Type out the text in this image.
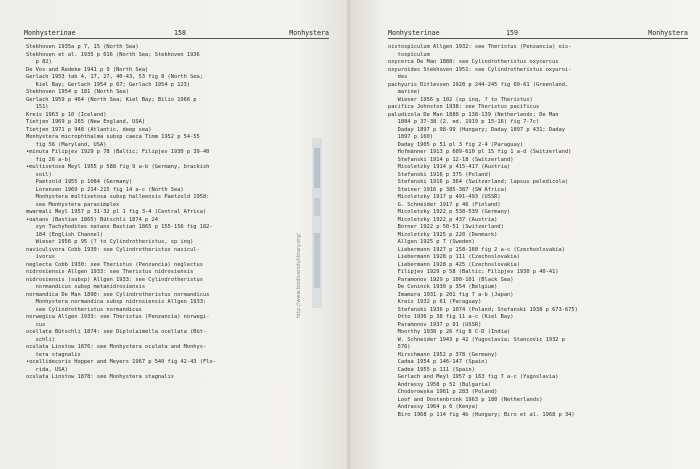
Monhysterinae	158	Monhystera
Stekhoven 1935a p 7, 15 (North Sea)
Stekhoven et al. 1935 p 616 (North Sea; Stekhoven 1936
p 82)
De Vos and Redeke 1941 p 9 (North Sea)
Gerlach 1953 tab 4, 17, 27, 40-43, 53 fig 8 (North Sea;
Kiel Bay; Gerlach 1954 p 67; Gerlach 1954 p 123)
Stekhoven 1954 p 181 (North Sea)
Gerlach 1959 p 464 (North Sea; Kiel Bay; Bilio 1966 p
151)
Kreis 1963 p 10 (Iceland)
Tietjen 1969 p 265 (New England, USA)
Tietjen 1971 p 948 (Atlantic, deep sea)
Monhystera microphthalma subsp caeca Timm 1952 p 54-55
fig 56 (Maryland, USA)
•minuta Filipjev 1929 p 78 (Baltic; Filipjev 1930 p 39-40
fig 26 a-b)
•multisetosa Meyl 1955 p 588 fig 9 a-b (Germany, brackish
soil)
Paetzold 1955 p 1084 (Germany)
Lorenzen 1969 p 214-215 fig 14 a-c (North Sea)
Monhystera multisetosa subsp halleensis Paetzold 1958:
see Monhystera parasimplex
mwarmali Meyl 1957 p 31-32 pl 1 fig 3-4 (Central Africa)
•natans (Bastian 1865) Bütschli 1874 p 24
syn Tachyhodites natans Bastian 1865 p 155-156 fig 182-
184 (English Channel)
Wieser 1956 p 95 (? to Cylindrotheristus, sp inq)
naviculivora Cobb 1930: see Cylindrotheristus navicul-
ivorus
neglecta Cobb 1930: see Theristus (Penzancia) neglectus
nidrosiensis Allgen 1933: see Theristus nidrosiensis
nidrosiensis (subsp) Allgen 1933: see Cylindrotheristus
normandicus subsp metanidrosiensis
normandica De Man 1890: see Cylindrotheristus normandicus
Monhystera normandica subsp nidrosiensis Allgen 1933:
see Cylindrotheristus normandicus
norwegica Allgen 1933: see Theristus (Penzancia) norwegi-
cus
ocellata Bütschli 1874: see Diplolaimella ocellata (Büt-
schli)
oculata Linstow 1876: see Monhystera oculata and Monhys-
tera stagnalis
•ocellidecoris Hopper and Meyers 1967 p 540 fig 42-43 (Flo-
rida, USA)
oculata Linstow 1878: see Monhystera stagnalis
http://www.biodiversitylibrary.org/
Monhysterinae	159	Monhystera
oistospiculum Allgen 1932: see Theristus (Penzancia) ois-
tospiculum
oxycerca De Man 1888: see Cylindrotheristus oxycercus
oxyuroides Stekhoven 1951: see Cylindrotheristus oxyuroi-
des
pachyuris Ditlevsen 1928 p 244-245 fig 60-61 (Greenland,
marine)
Wieser 1956 p 102 (sp inq, ? to Theristus)
pacifica Johnston 1938: see Theristus pacificus
paludicola De Man 1880 p 138-139 (Netherlands; De Man
1884 p 37-38 (2. ed. 1919 p 15-16) fig 7-7c)
Daday 1897 p 98-99 (Hungary; Daday 1897 p 431; Daday
1897 p 160)
Daday 1905 p 51 pl 3 fig 2-4 (Paraguay)
Hofmänner 1913 p 609-610 pl 15 fig 1 a-d (Switzerland)
Stefanski 1914 p 12-18 (Switzerland)
Micoletzky 1914 p 415-417 (Austria)
Stefanski 1916 p 375 (Poland)
Stefanski 1916 p 364 (Switzerland; lapsus peledicola)
Steiner 1916 p 385-387 (SW Africa)
Micoletzky 1917 p 491-493 (USSR)
G. Schneider 1917 p 46 (Finland)
Micoletzky 1922 p 538-539 (Germany)
Micoletzky 1922 p 437 (Austria)
Borner 1922 p 50-51 (Switzerland)
Micoletzky 1925 p 220 (Denmark)
Allgen 1925 p 7 (Sweden)
Liebermann 1927 p 158-160 fig 2 a-c (Czechoslovakia)
Liebermann 1928 p 111 (Czechoslovakia)
Liebermann 1928 p 425 (Czechoslovakia)
Filipjev 1929 p 58 (Baltic; Filipjev 1930 p 40-41)
Paramonov 1929 p 100-101 (Black Sea)
De Coninck 1930 p 354 (Belgium)
Imamura 1931 p 201 fig 7 a-b (Japan)
Kreis 1932 p 61 (Paraguay)
Stefanski 1936 p 1074 (Poland; Stefanski 1938 p 673-675)
Otto 1936 p 38 fig 11 a-c (Kiel Bay)
Paramonov 1937 p 91 (USSR)
Moorthy 1938 p 26 fig 8 C-D (India)
W. Schneider 1943 p 42 (Yugoslavia; Stancovic 1932 p
576)
Hirschmann 1952 p 378 (Germany)
Cadea 1954 p 146-147 (Spain)
Cadea 1955 p 111 (Spain)
Gerlach and Meyl 1957 p 163 fig 7 a-c (Yugoslavia)
Andrassy 1958 p 52 (Bulgaria)
Chodorowska 1961 p 283 (Poland)
Loof and Oostenbrink 1963 p 180 (Netherlands)
Andrassy 1964 p 6 (Kenya)
Biro 1968 p 114 fig 4b (Hungary; Biro et al. 1968 p 34)
